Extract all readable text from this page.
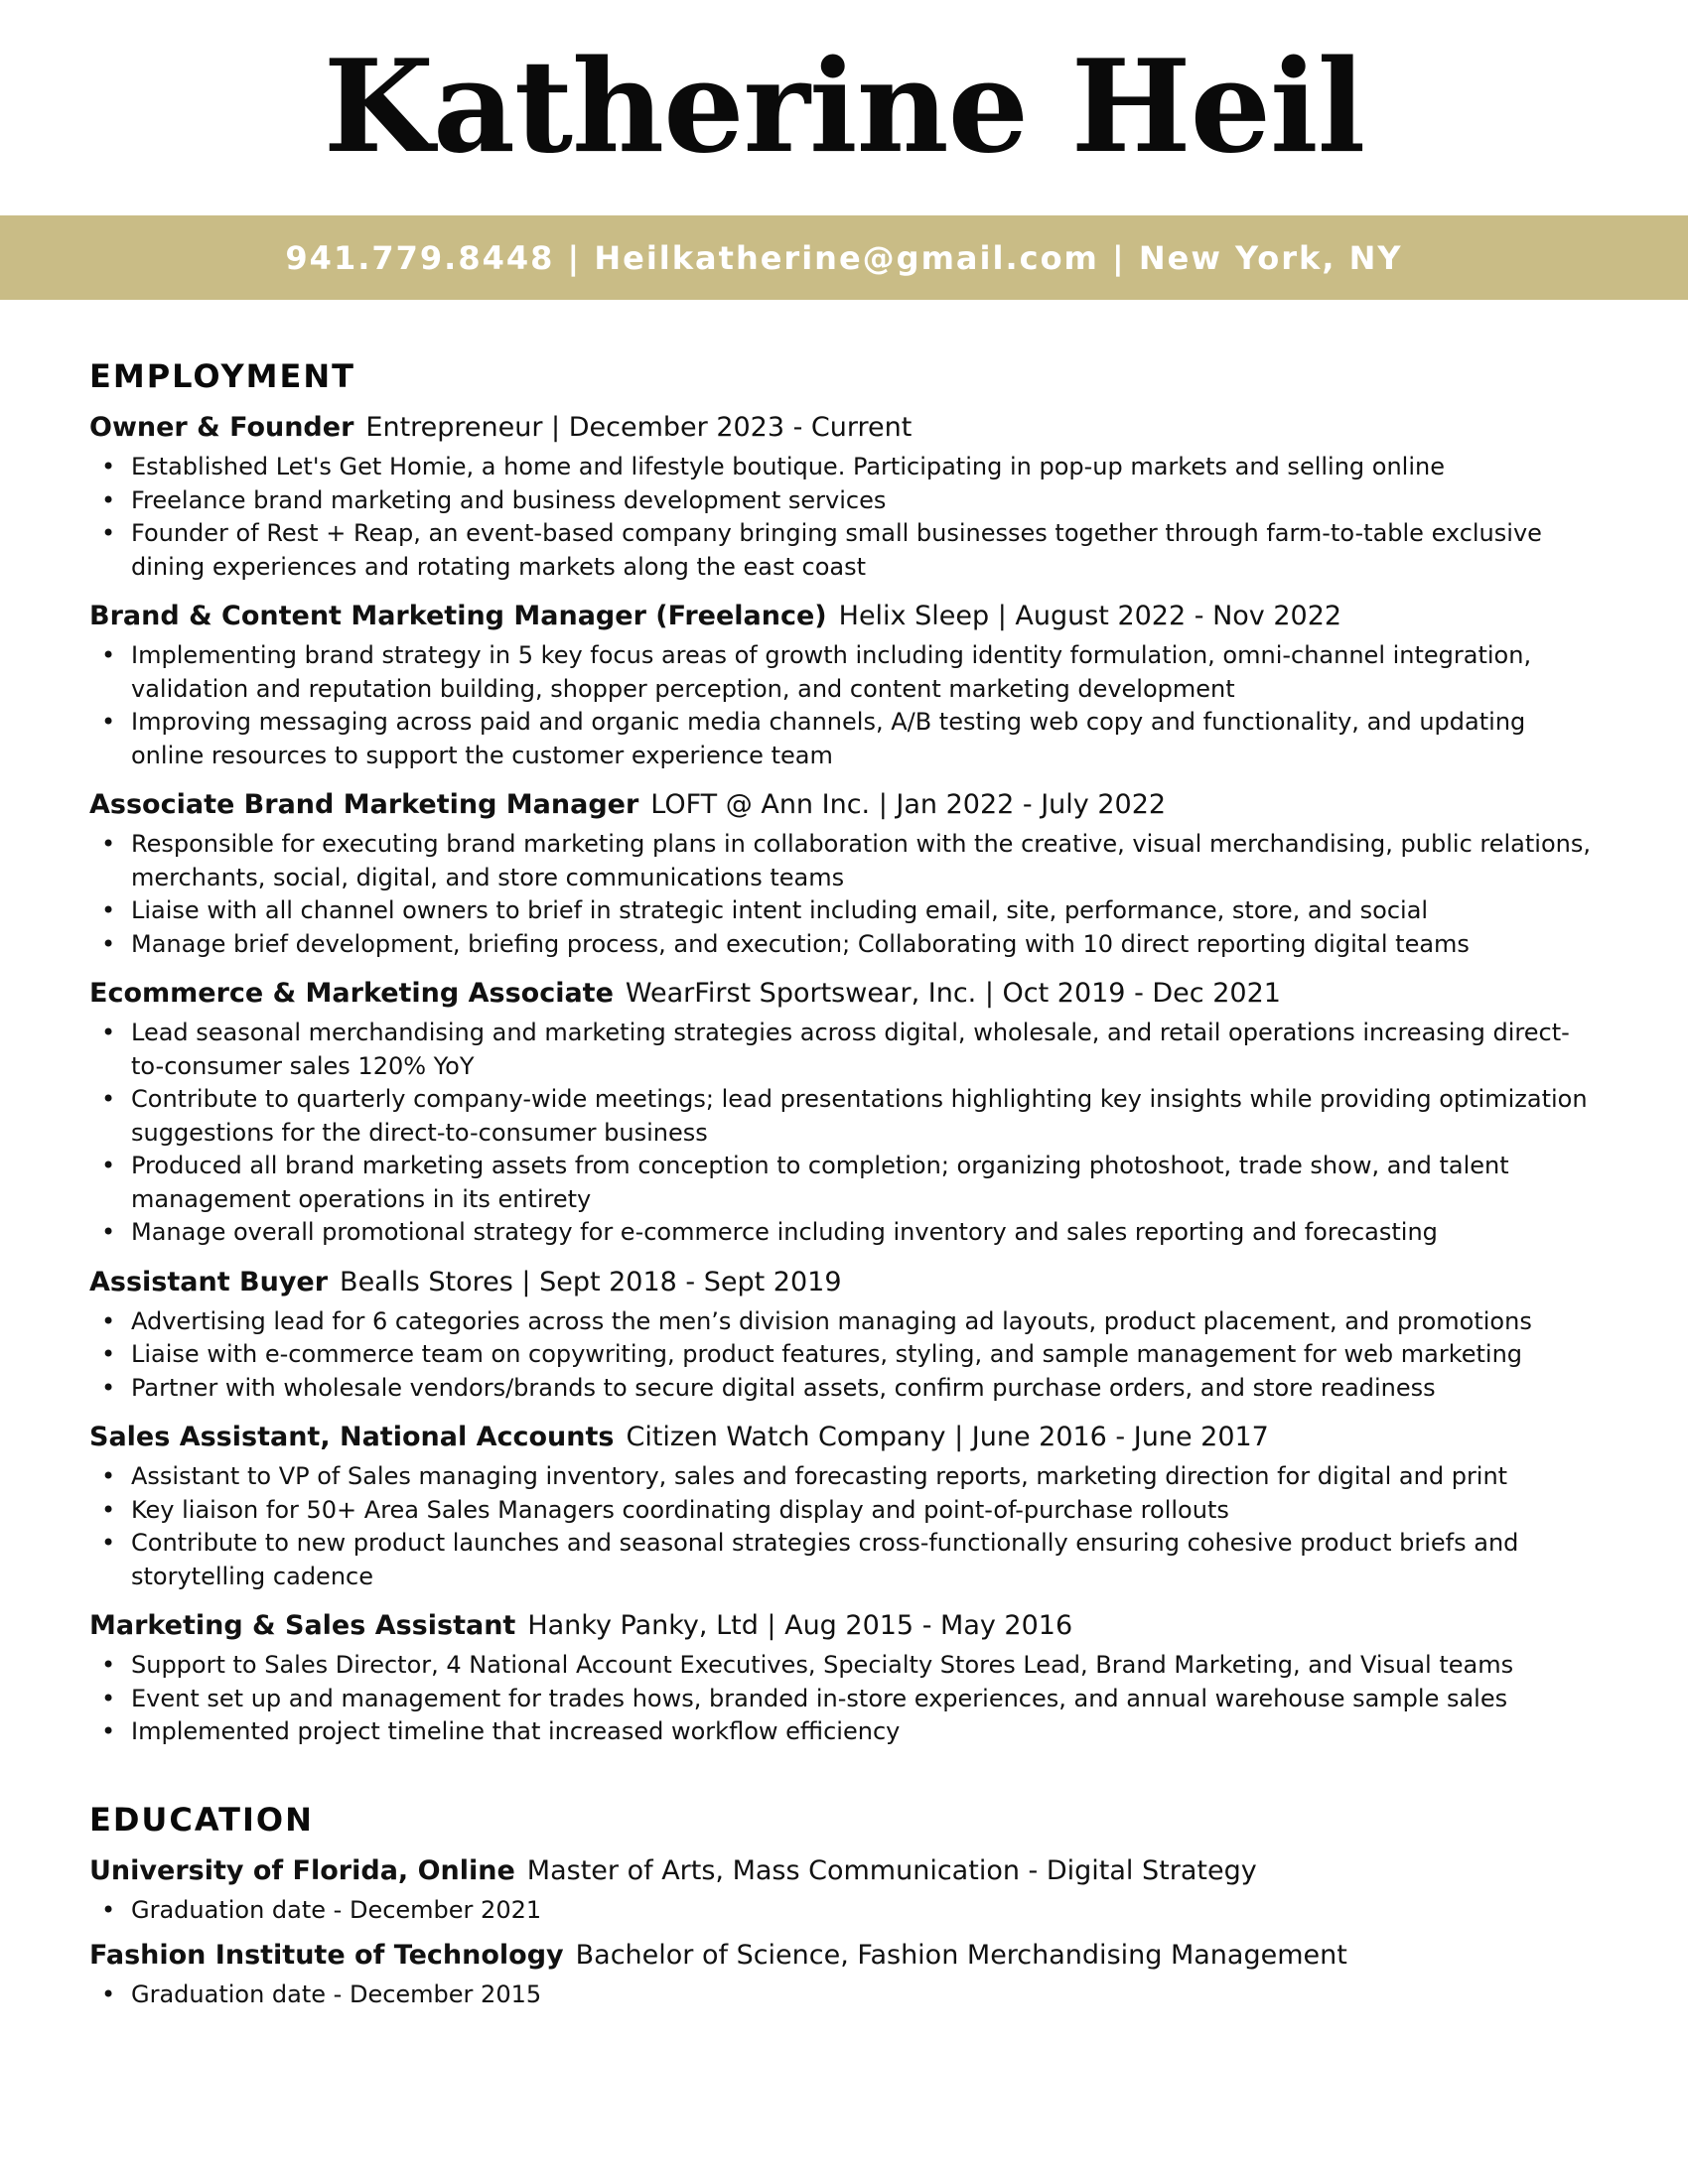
Katherine Heil
941.779.8448 | Heilkatherine@gmail.com | New York, NY
EMPLOYMENT
Owner & Founder Entrepreneur | December 2023 - Current
• Established Let's Get Homie, a home and lifestyle boutique. Participating in pop-up markets and selling online
• Freelance brand marketing and business development services
• Founder of Rest + Reap, an event-based company bringing small businesses together through farm-to-table exclusive dining experiences and rotating markets along the east coast
Brand & Content Marketing Manager (Freelance) Helix Sleep | August 2022 - Nov 2022
• Implementing brand strategy in 5 key focus areas of growth including identity formulation, omni-channel integration, validation and reputation building, shopper perception, and content marketing development
• Improving messaging across paid and organic media channels, A/B testing web copy and functionality, and updating online resources to support the customer experience team
Associate Brand Marketing Manager LOFT @ Ann Inc. | Jan 2022 - July 2022
• Responsible for executing brand marketing plans in collaboration with the creative, visual merchandising, public relations, merchants, social, digital, and store communications teams
• Liaise with all channel owners to brief in strategic intent including email, site, performance, store, and social
• Manage brief development, briefing process, and execution; Collaborating with 10 direct reporting digital teams
Ecommerce & Marketing Associate WearFirst Sportswear, Inc. | Oct 2019 - Dec 2021
• Lead seasonal merchandising and marketing strategies across digital, wholesale, and retail operations increasing direct-to-consumer sales 120% YoY
• Contribute to quarterly company-wide meetings; lead presentations highlighting key insights while providing optimization suggestions for the direct-to-consumer business
• Produced all brand marketing assets from conception to completion; organizing photoshoot, trade show, and talent management operations in its entirety
• Manage overall promotional strategy for e-commerce including inventory and sales reporting and forecasting
Assistant Buyer Bealls Stores | Sept 2018 - Sept 2019
• Advertising lead for 6 categories across the men’s division managing ad layouts, product placement, and promotions
• Liaise with e-commerce team on copywriting, product features, styling, and sample management for web marketing
• Partner with wholesale vendors/brands to secure digital assets, confirm purchase orders, and store readiness
Sales Assistant, National Accounts Citizen Watch Company | June 2016 - June 2017
• Assistant to VP of Sales managing inventory, sales and forecasting reports, marketing direction for digital and print
• Key liaison for 50+ Area Sales Managers coordinating display and point-of-purchase rollouts
• Contribute to new product launches and seasonal strategies cross-functionally ensuring cohesive product briefs and storytelling cadence
Marketing & Sales Assistant Hanky Panky, Ltd | Aug 2015 - May 2016
• Support to Sales Director, 4 National Account Executives, Specialty Stores Lead, Brand Marketing, and Visual teams
• Event set up and management for trades hows, branded in-store experiences, and annual warehouse sample sales
• Implemented project timeline that increased workflow efficiency
EDUCATION
University of Florida, Online Master of Arts, Mass Communication - Digital Strategy
• Graduation date - December 2021
Fashion Institute of Technology Bachelor of Science, Fashion Merchandising Management
• Graduation date - December 2015
